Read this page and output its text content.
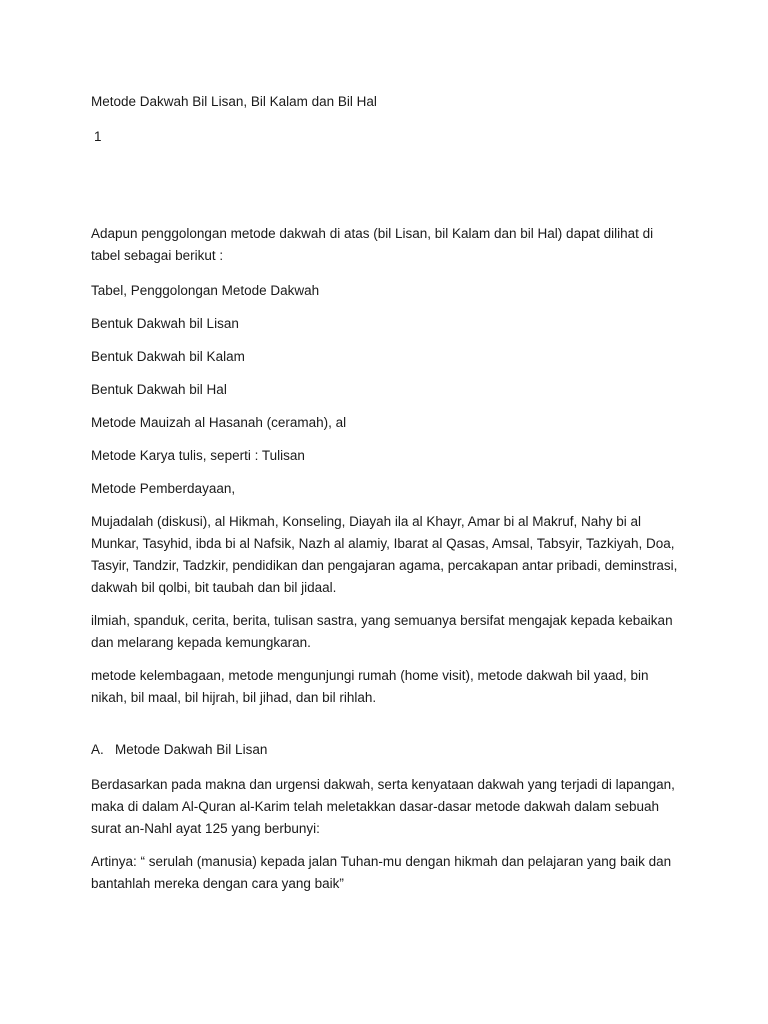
Metode Dakwah Bil Lisan, Bil Kalam dan Bil Hal
1

Adapun penggolongan metode dakwah di atas (bil Lisan, bil Kalam dan bil Hal) dapat dilihat di tabel sebagai berikut :

Tabel, Penggolongan Metode Dakwah

Bentuk Dakwah bil Lisan

Bentuk Dakwah bil Kalam

Bentuk Dakwah bil Hal

Metode Mauizah al Hasanah (ceramah), al

Metode Karya tulis, seperti : Tulisan

Metode Pemberdayaan,

Mujadalah (diskusi), al Hikmah, Konseling, Diayah ila al Khayr, Amar bi al Makruf, Nahy bi al Munkar, Tasyhid, ibda bi al Nafsik, Nazh al alamiy, Ibarat al Qasas, Amsal, Tabsyir, Tazkiyah, Doa, Tasyir, Tandzir, Tadzkir, pendidikan dan pengajaran agama, percakapan antar pribadi, deminstrasi, dakwah bil qolbi, bit taubah dan bil jidaal.

ilmiah, spanduk, cerita, berita, tulisan sastra, yang semuanya bersifat mengajak kepada kebaikan dan melarang kepada kemungkaran.

metode kelembagaan, metode mengunjungi rumah (home visit), metode dakwah bil yaad, bin nikah, bil maal, bil hijrah, bil jihad, dan bil rihlah.

A. Metode Dakwah Bil Lisan

Berdasarkan pada makna dan urgensi dakwah, serta kenyataan dakwah yang terjadi di lapangan, maka di dalam Al-Quran al-Karim telah meletakkan dasar-dasar metode dakwah dalam sebuah surat an-Nahl ayat 125 yang berbunyi:

Artinya: “ serulah (manusia) kepada jalan Tuhan-mu dengan hikmah dan pelajaran yang baik dan bantahlah mereka dengan cara yang baik”
